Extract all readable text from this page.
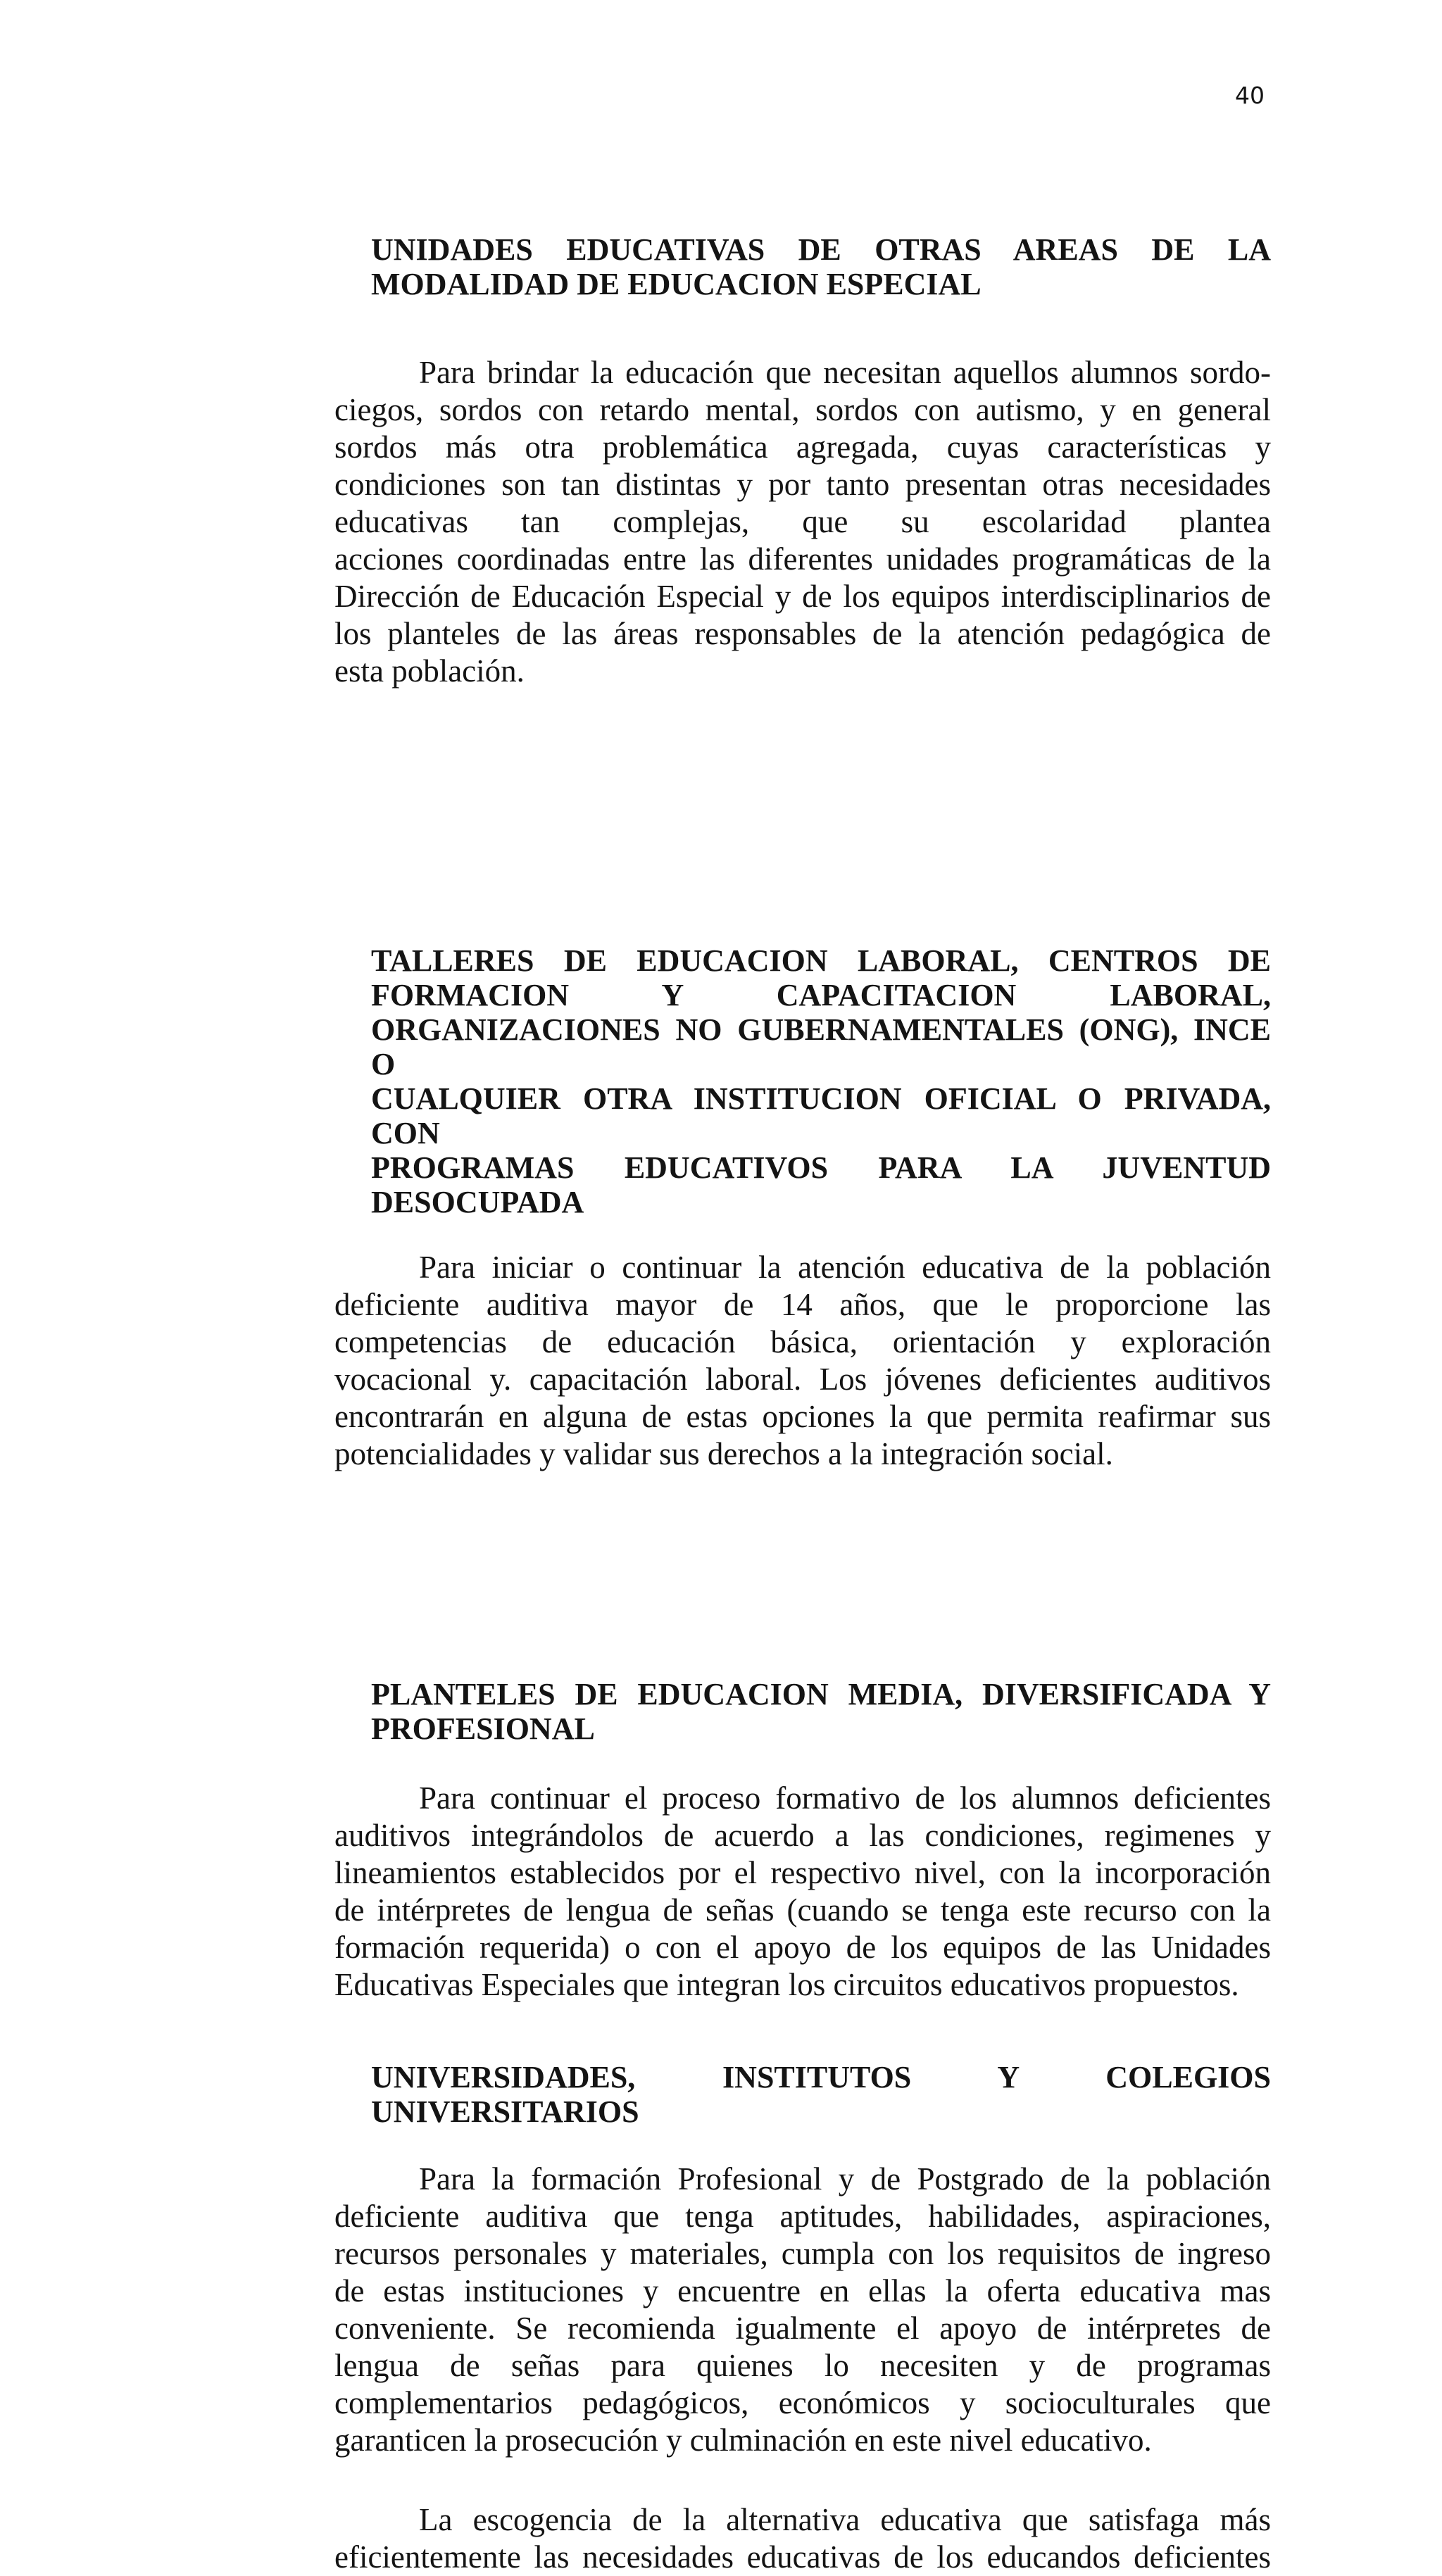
40
UNIDADES EDUCATIVAS DE OTRAS AREAS DE LA
MODALIDAD DE EDUCACION ESPECIAL
Para brindar la educación que necesitan aquellos alumnos sordo-
ciegos, sordos con retardo mental, sordos con autismo, y en general
sordos más otra problemática agregada, cuyas características y
condiciones son tan distintas y por tanto presentan otras necesidades
educativas tan complejas, que su escolaridad plantea
acciones coordinadas entre las diferentes unidades programáticas de la
Dirección de Educación Especial y de los equipos interdisciplinarios de
los planteles de las áreas responsables de la atención pedagógica de
esta población.
TALLERES DE EDUCACION LABORAL, CENTROS DE
FORMACION Y CAPACITACION LABORAL,
ORGANIZACIONES NO GUBERNAMENTALES (ONG), INCE O
CUALQUIER OTRA INSTITUCION OFICIAL O PRIVADA, CON
PROGRAMAS EDUCATIVOS PARA LA JUVENTUD
DESOCUPADA
Para iniciar o continuar la atención educativa de la población
deficiente auditiva mayor de 14 años, que le proporcione las
competencias de educación básica, orientación y exploración
vocacional y. capacitación laboral. Los jóvenes deficientes auditivos
encontrarán en alguna de estas opciones la que permita reafirmar sus
potencialidades y validar sus derechos a la integración social.
PLANTELES DE EDUCACION MEDIA, DIVERSIFICADA Y
PROFESIONAL
Para continuar el proceso formativo de los alumnos deficientes
auditivos integrándolos de acuerdo a las condiciones, regimenes y
lineamientos establecidos por el respectivo nivel, con la incorporación
de intérpretes de lengua de señas (cuando se tenga este recurso con la
formación requerida) o con el apoyo de los equipos de las Unidades
Educativas Especiales que integran los circuitos educativos propuestos.
UNIVERSIDADES, INSTITUTOS Y COLEGIOS
UNIVERSITARIOS
Para la formación Profesional y de Postgrado de la población
deficiente auditiva que tenga aptitudes, habilidades, aspiraciones,
recursos personales y materiales, cumpla con los requisitos de ingreso
de estas instituciones y encuentre en ellas la oferta educativa mas
conveniente. Se recomienda igualmente el apoyo de intérpretes de
lengua de señas para quienes lo necesiten y de programas
complementarios pedagógicos, económicos y socioculturales que
garanticen la prosecución y culminación en este nivel educativo.
La escogencia de la alternativa educativa que satisfaga más
eficientemente las necesidades educativas de los educandos deficientes
